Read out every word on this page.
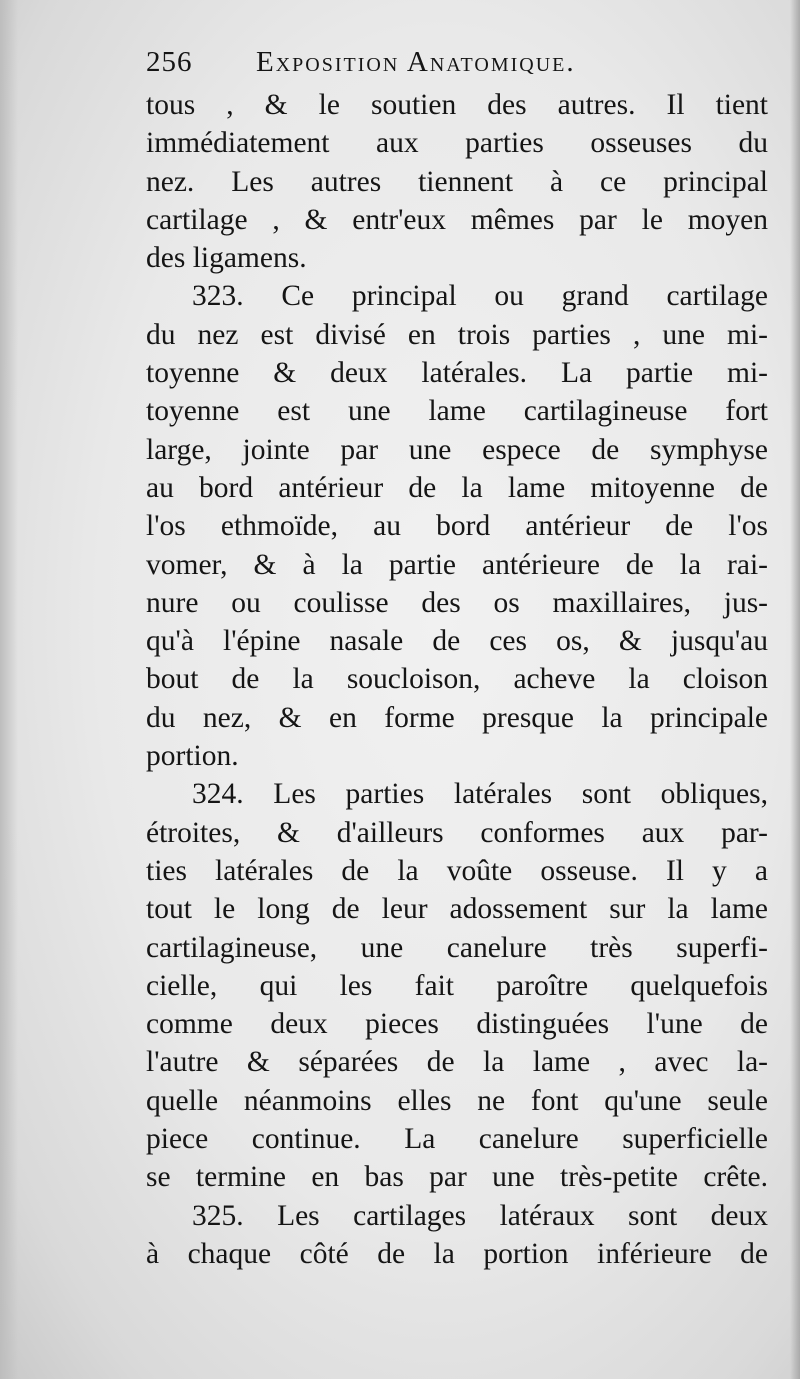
256 Exposition Anatomique.
tous , & le soutien des autres. Il tient
immédiatement aux parties osseuses du
nez. Les autres tiennent à ce principal
cartilage , & entr'eux mêmes par le moyen
des ligamens.
323. Ce principal ou grand cartilage
du nez est divisé en trois parties , une mi-
toyenne & deux latérales. La partie mi-
toyenne est une lame cartilagineuse fort
large, jointe par une espece de symphyse
au bord antérieur de la lame mitoyenne de
l'os ethmoïde, au bord antérieur de l'os
vomer, & à la partie antérieure de la rai-
nure ou coulisse des os maxillaires, jus-
qu'à l'épine nasale de ces os, & jusqu'au
bout de la soucloison, acheve la cloison
du nez, & en forme presque la principale
portion.
324. Les parties latérales sont obliques,
étroites, & d'ailleurs conformes aux par-
ties latérales de la voûte osseuse. Il y a
tout le long de leur adossement sur la lame
cartilagineuse, une canelure très superfi-
cielle, qui les fait paroître quelquefois
comme deux pieces distinguées l'une de
l'autre & séparées de la lame , avec la-
quelle néanmoins elles ne font qu'une seule
piece continue. La canelure superficielle
se termine en bas par une très-petite crête.
325. Les cartilages latéraux sont deux
à chaque côté de la portion inférieure de
